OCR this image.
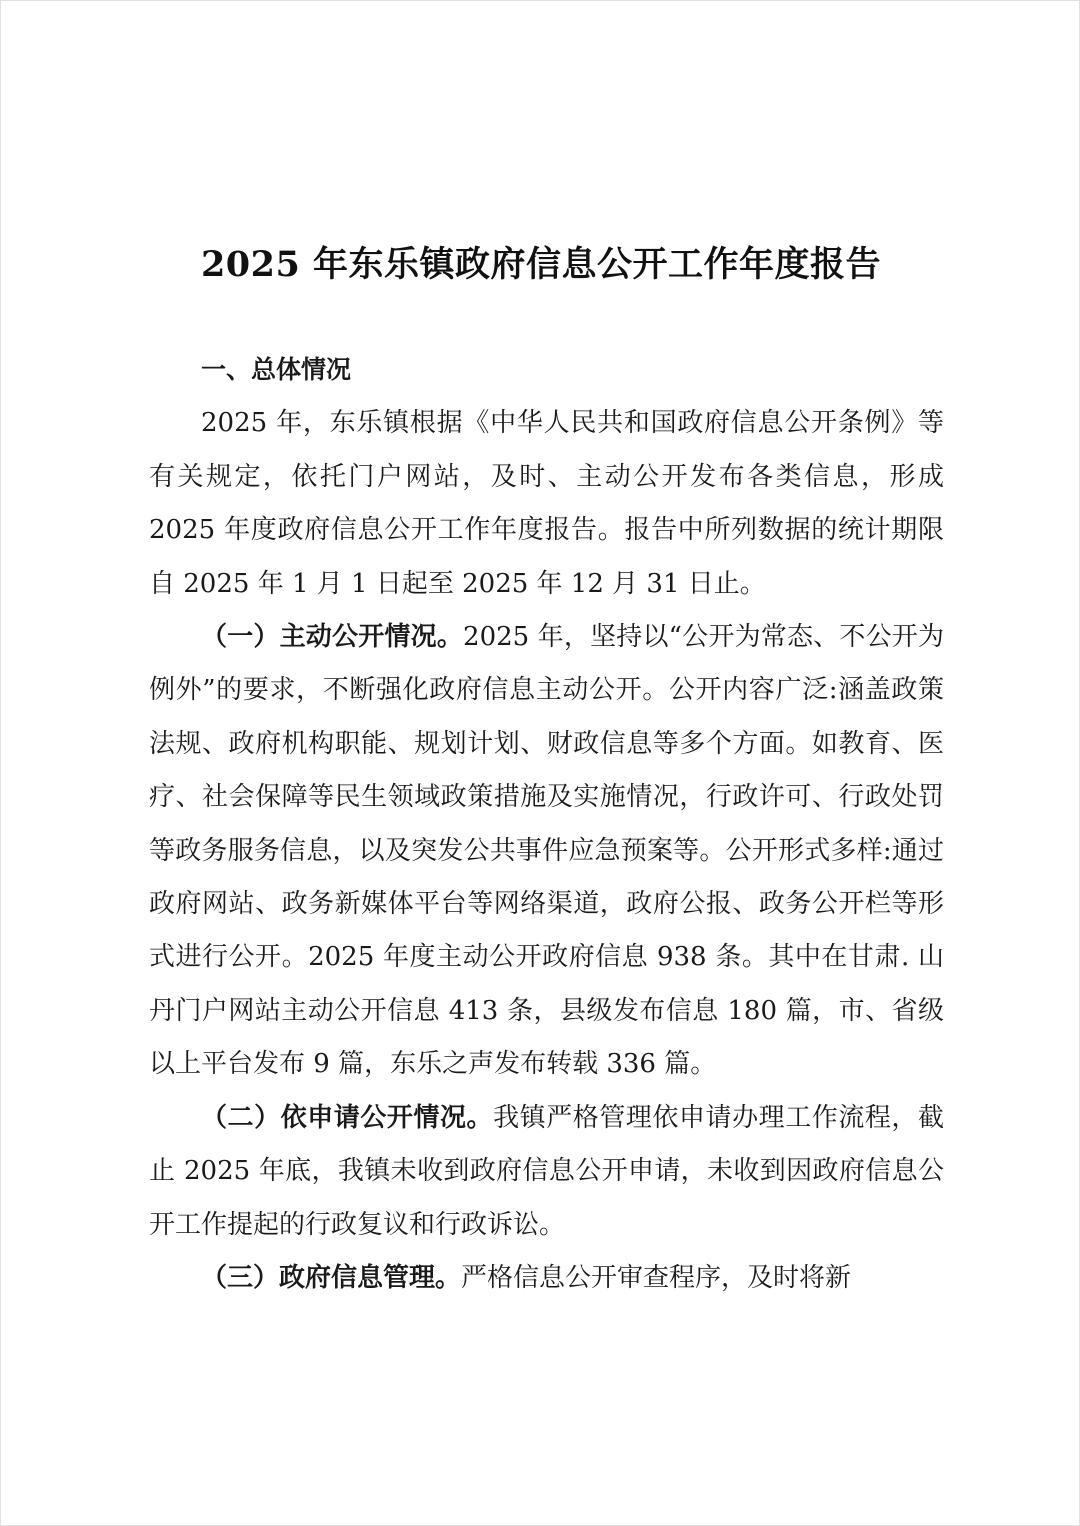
2025 年东乐镇政府信息公开工作年度报告

一、总体情况

2025 年，东乐镇根据《中华人民共和国政府信息公开条例》等有关规定，依托门户网站，及时、主动公开发布各类信息，形成 2025 年度政府信息公开工作年度报告。报告中所列数据的统计期限自 2025 年 1 月 1 日起至 2025 年 12 月 31 日止。

（一）主动公开情况。2025 年，坚持以“公开为常态、不公开为例外”的要求，不断强化政府信息主动公开。公开内容广泛:涵盖政策法规、政府机构职能、规划计划、财政信息等多个方面。如教育、医疗、社会保障等民生领域政策措施及实施情况，行政许可、行政处罚等政务服务信息，以及突发公共事件应急预案等。公开形式多样:通过政府网站、政务新媒体平台等网络渠道，政府公报、政务公开栏等形式进行公开。2025 年度主动公开政府信息 938 条。其中在甘肃. 山丹门户网站主动公开信息 413 条，县级发布信息 180 篇，市、省级以上平台发布 9 篇，东乐之声发布转载 336 篇。

（二）依申请公开情况。我镇严格管理依申请办理工作流程，截止 2025 年底，我镇未收到政府信息公开申请，未收到因政府信息公开工作提起的行政复议和行政诉讼。

（三）政府信息管理。严格信息公开审查程序，及时将新
